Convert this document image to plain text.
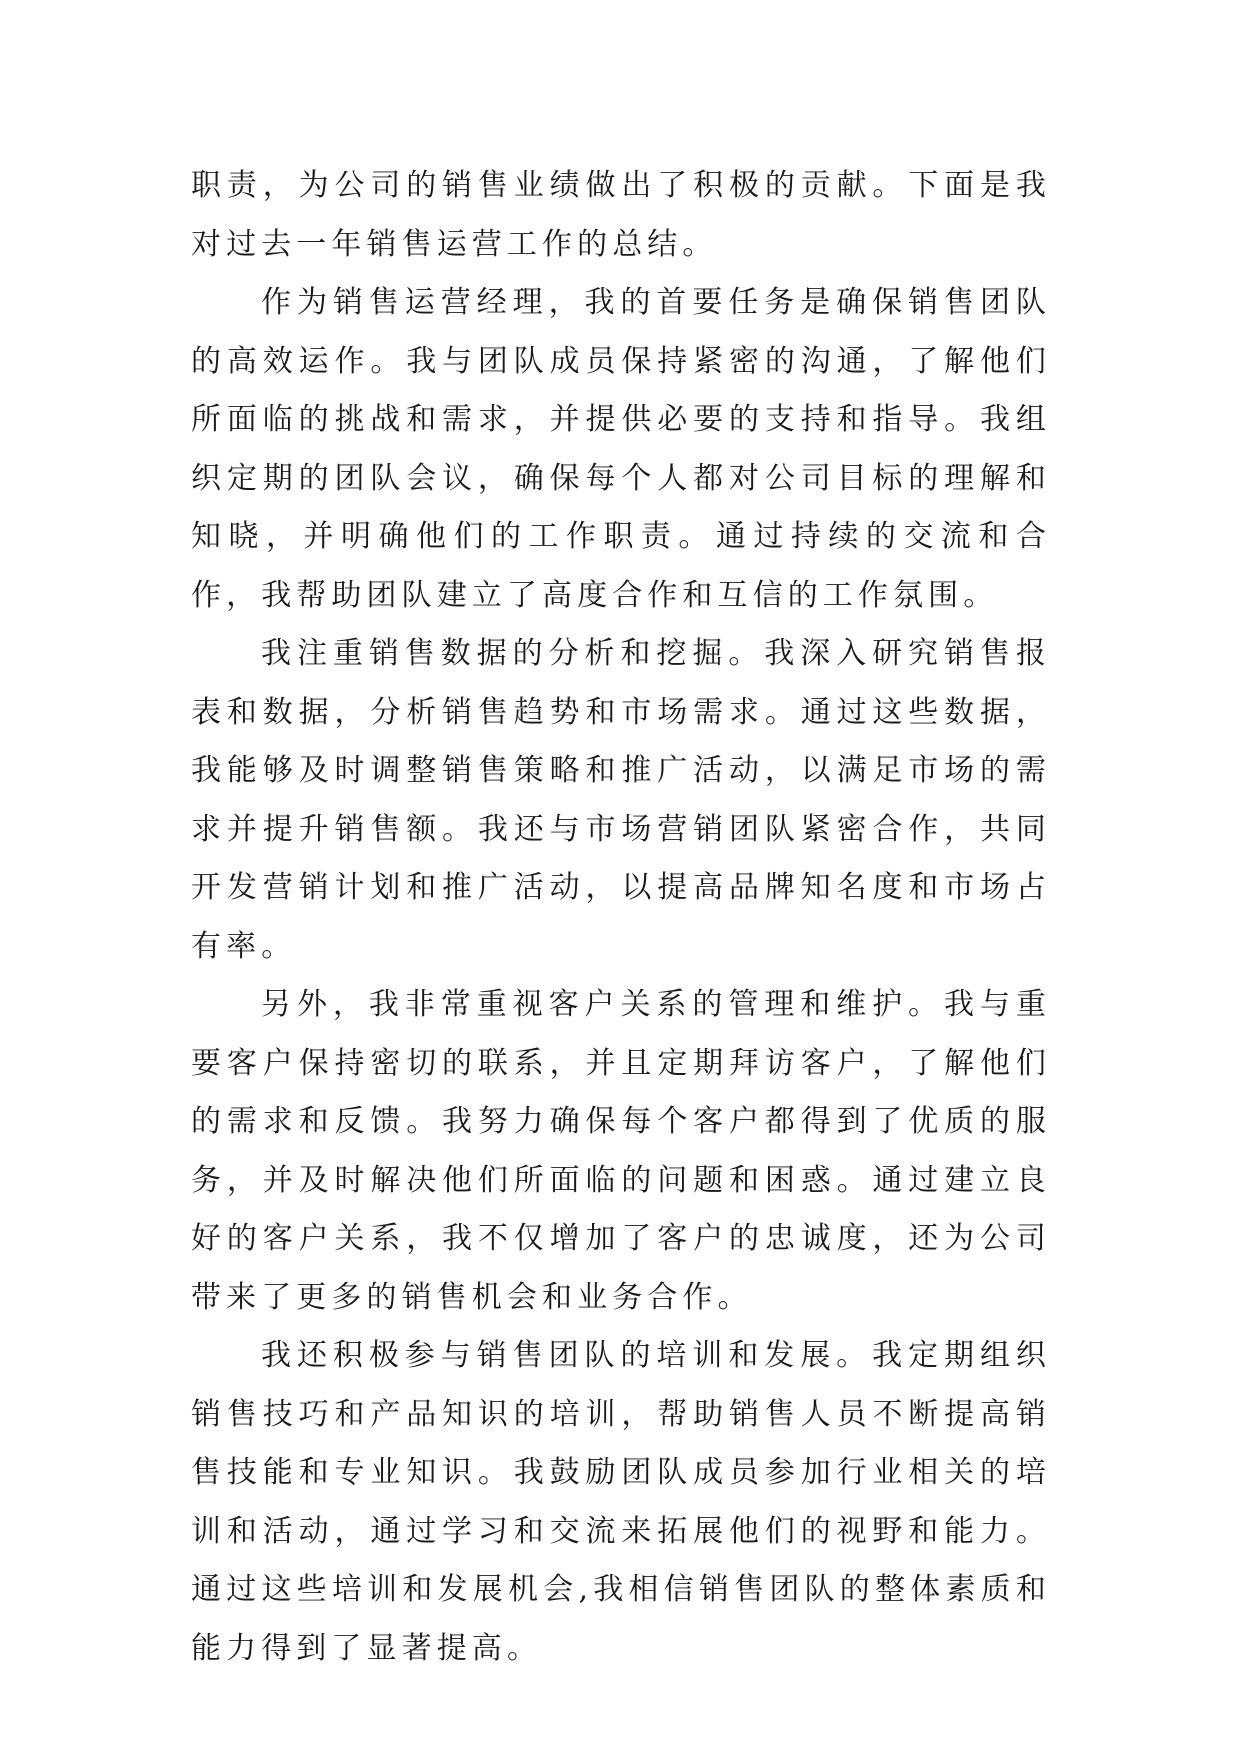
职责，为公司的销售业绩做出了积极的贡献。下面是我对过去一年销售运营工作的总结。

作为销售运营经理，我的首要任务是确保销售团队的高效运作。我与团队成员保持紧密的沟通，了解他们所面临的挑战和需求，并提供必要的支持和指导。我组织定期的团队会议，确保每个人都对公司目标的理解和知晓，并明确他们的工作职责。通过持续的交流和合作，我帮助团队建立了高度合作和互信的工作氛围。

我注重销售数据的分析和挖掘。我深入研究销售报表和数据，分析销售趋势和市场需求。通过这些数据，我能够及时调整销售策略和推广活动，以满足市场的需求并提升销售额。我还与市场营销团队紧密合作，共同开发营销计划和推广活动，以提高品牌知名度和市场占有率。

另外，我非常重视客户关系的管理和维护。我与重要客户保持密切的联系，并且定期拜访客户，了解他们的需求和反馈。我努力确保每个客户都得到了优质的服务，并及时解决他们所面临的问题和困惑。通过建立良好的客户关系，我不仅增加了客户的忠诚度，还为公司带来了更多的销售机会和业务合作。

我还积极参与销售团队的培训和发展。我定期组织销售技巧和产品知识的培训，帮助销售人员不断提高销售技能和专业知识。我鼓励团队成员参加行业相关的培训和活动，通过学习和交流来拓展他们的视野和能力。通过这些培训和发展机会,我相信销售团队的整体素质和能力得到了显著提高。
